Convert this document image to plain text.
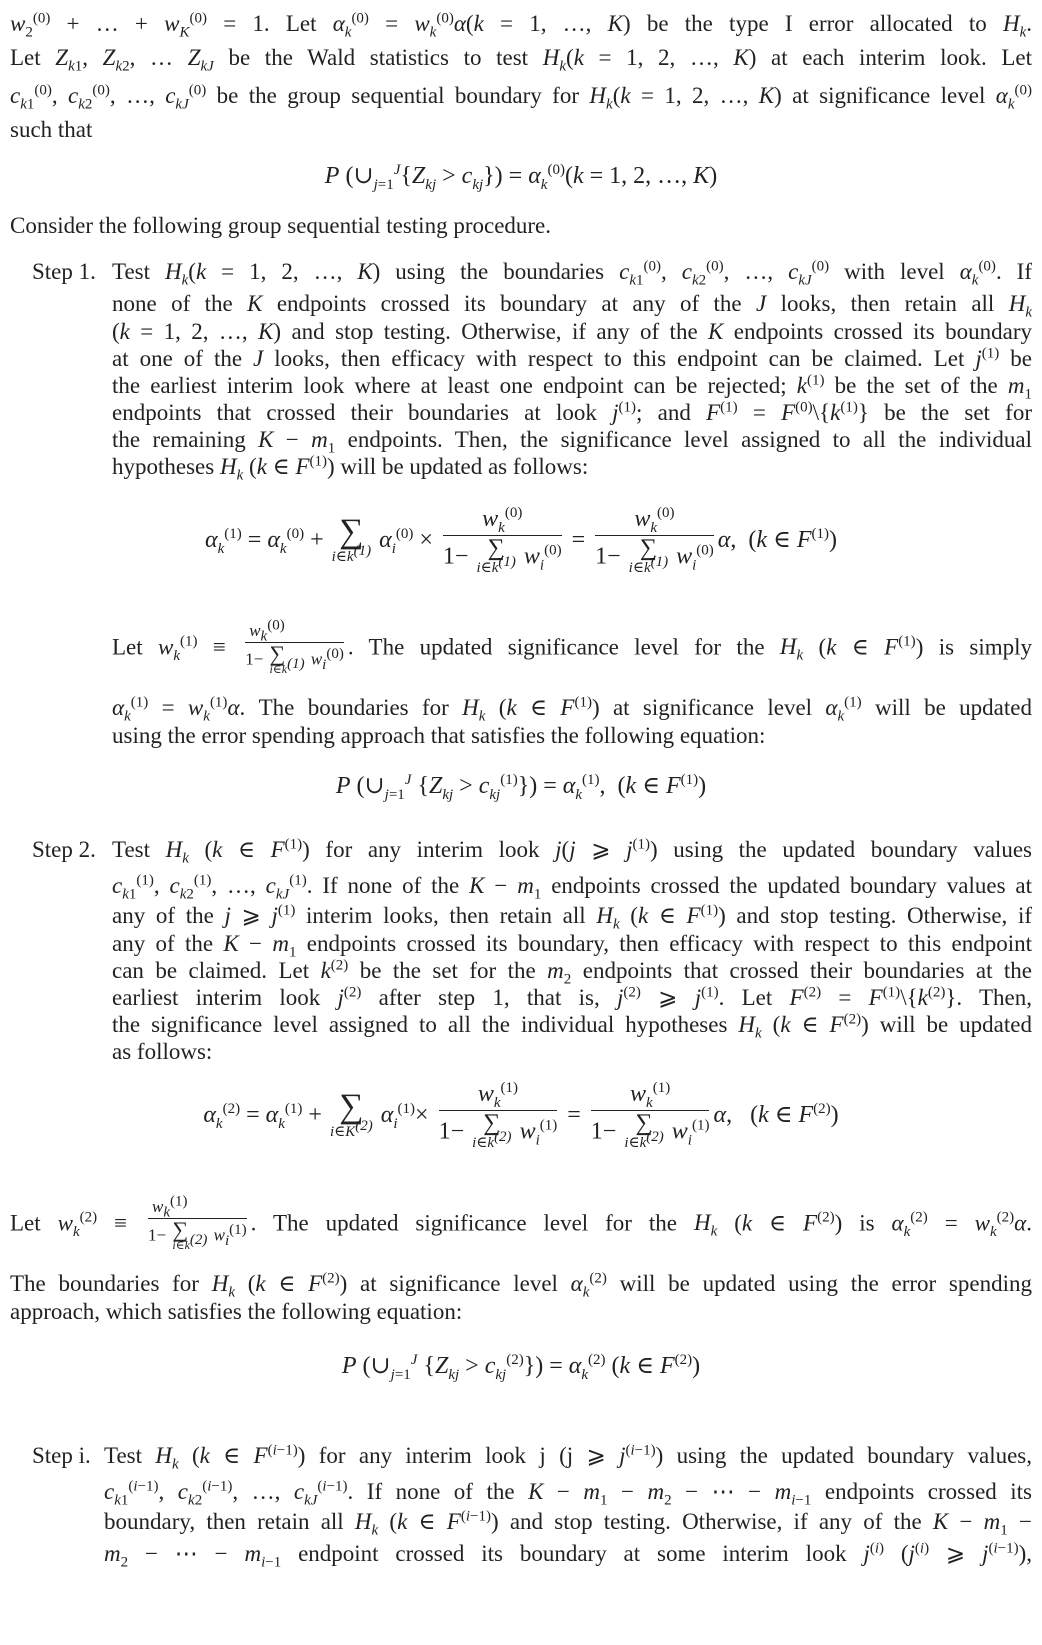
$w_2^{(0)}$ + … + $w_K^{(0)} = 1$. Let $\alpha_k^{(0)} = w_k^{(0)}\alpha(k = 1$, …, K) be the type I error allocated to $H_k$.
Let $Z_{k1}$, $Z_{k2}$, … $Z_{kJ}$ be the Wald statistics to test $H_k(k = 1$, 2, …, K) at each interim look. Let
$c_{k1}^{(0)}$, $c_{k2}^{(0)}$, …, $c_{kJ}^{(0)}$ be the group sequential boundary for $H_k(k = 1$, 2, …, K) at significance level $\alpha_k^{(0)}$
such that
P $(\cup_{j=1}^J\{Z_{kj} > c_{kj}\}) = \alpha_k^{(0)}(k = 1$, 2, …, K)
Consider the following group sequential testing procedure.
Step 1. Test $H_k(k = 1$, 2, …, K) using the boundaries $c_{k1}^{(0)}$, $c_{k2}^{(0)}$, …, $c_{kJ}^{(0)}$ with level $\alpha_k^{(0)}$. If
none of the K endpoints crossed its boundary at any of the J looks, then retain all $H_k$
(k = 1, 2, …, K) and stop testing. Otherwise, if any of the K endpoints crossed its boundary
at one of the J looks, then efficacy with respect to this endpoint can be claimed. Let $j^{(1)}$ be
the earliest interim look where at least one endpoint can be rejected; $k^{(1)}$ be the set of the $m_1$
endpoints that crossed their boundaries at look $j^{(1)}$; and $F^{(1)}$ = $F^{(0)}\backslash\{k^{(1)}\}$ be the set for
the remaining $K - m_1$ endpoints. Then, the significance level assigned to all the individual
hypotheses $H_k$ (k ∈ $F^{(1)}$) will be updated as follows:
$\alpha_k^{(1)} = \alpha_k^{(0)}$ + ∑
$i\in k^{(1)}$ $\alpha_i^{(0)} \times w_k^{(0)}$
1− ∑
$i\in k^{(1)}$ $w_i^{(0)} = w_k^{(0)}$
1− ∑
$i\in k^{(1)}$ $w_i^{(0)}$ α,  (k ∈ $F^{(1)}$)
Let $w_k^{(1)} \equiv w_k^{(0)}$
1− ∑
$i\in k^{(1)}$ $w_i^{(0)}$ . The updated significance level for the $H_k$ (k ∈ $F^{(1)}$) is simply
$\alpha_k^{(1)} = w_k^{(1)}\alpha$. The boundaries for $H_k$ (k ∈ $F^{(1)}$) at significance level $\alpha_k^{(1)}$ will be updated
using the error spending approach that satisfies the following equation:
P ($\cup_{j=1}^J$ $\{Z_{kj} > c_{kj}^{(1)}\}) = \alpha_k^{(1)}$,  (k ∈ $F^{(1)}$)
Step 2. Test $H_k$ (k ∈ $F^{(1)}$) for any interim look j(j ⩾ $j^{(1)}$) using the updated boundary values
$c_{k1}^{(1)}$, $c_{k2}^{(1)}$, …, $c_{kJ}^{(1)}$. If none of the $K - m_1$ endpoints crossed the updated boundary values at
any of the j ⩾ $j^{(1)}$ interim looks, then retain all $H_k$ (k ∈ $F^{(1)}$) and stop testing. Otherwise, if
any of the $K - m_1$ endpoints crossed its boundary, then efficacy with respect to this endpoint
can be claimed. Let $k^{(2)}$ be the set for the $m_2$ endpoints that crossed their boundaries at the
earliest interim look $j^{(2)}$ after step 1, that is, $j^{(2)}$ ⩾ $j^{(1)}$. Let $F^{(2)}$ = $F^{(1)}\backslash\{k^{(2)}\}$. Then,
the significance level assigned to all the individual hypotheses $H_k$ (k ∈ $F^{(2)}$) will be updated
as follows:
$\alpha_k^{(2)} = \alpha_k^{(1)}$ + ∑
$i\in K^{(2)}$ $\alpha_i^{(1)}\times w_k^{(1)}$
1− ∑
$i\in k^{(2)}$ $w_i^{(1)} = w_k^{(1)}$
1− ∑
$i\in k^{(2)}$ $w_i^{(1)}$ α,   (k ∈ $F^{(2)}$)
Let $w_k^{(2)} \equiv w_k^{(1)}$
1− ∑
$i\in k^{(2)}$ $w_i^{(1)}$ . The updated significance level for the $H_k$ (k ∈ $F^{(2)}$) is $\alpha_k^{(2)} = w_k^{(2)}\alpha$.
The boundaries for $H_k$ (k ∈ $F^{(2)}$) at significance level $\alpha_k^{(2)}$ will be updated using the error spending
approach, which satisfies the following equation:
P ($\cup_{j=1}^J$ $\{Z_{kj} > c_{kj}^{(2)}\}) = \alpha_k^{(2)}$ (k ∈ $F^{(2)}$)
Step i. Test $H_k$ (k ∈ $F^{(i-1)}$) for any interim look j (j ⩾ $j^{(i-1)}$) using the updated boundary values,
$c_{k1}^{(i-1)}$, $c_{k2}^{(i-1)}$, …, $c_{kJ}^{(i-1)}$. If none of the $K - m_1 - m_2$ − ⋯ − $m_{i-1}$ endpoints crossed its
boundary, then retain all $H_k$ (k ∈ $F^{(i-1)}$) and stop testing. Otherwise, if any of the $K - m_1$ −
$m_2$ − ⋯ − $m_{i-1}$ endpoint crossed its boundary at some interim look $j^{(i)}$ ($j^{(i)}$ ⩾ $j^{(i-1)}$),
